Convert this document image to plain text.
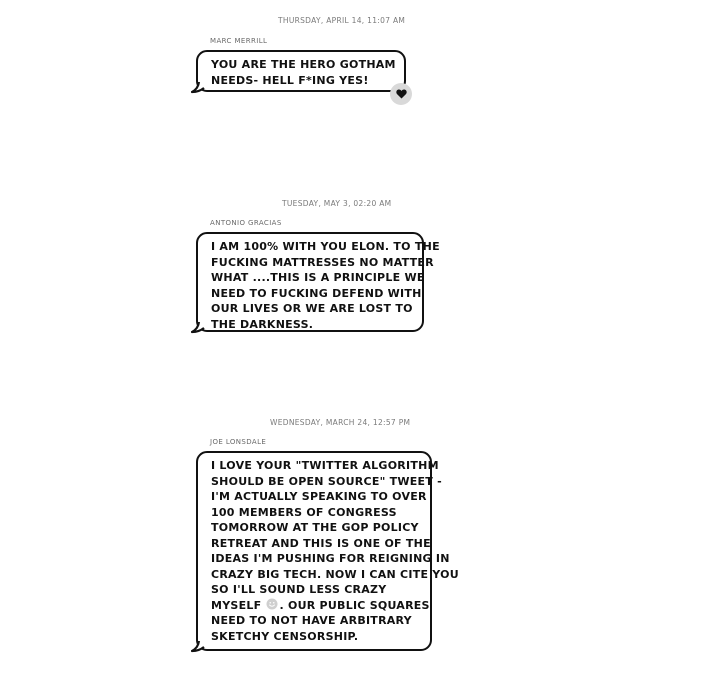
THURSDAY, APRIL 14, 11:07 AM
MARC MERRILL
YOU ARE THE HERO GOTHAM
NEEDS- HELL F*ING YES!
TUESDAY, MAY 3, 02:20 AM
ANTONIO GRACIAS
I AM 100% WITH YOU ELON. TO THE
FUCKING MATTRESSES NO MATTER
WHAT ....THIS IS A PRINCIPLE WE
NEED TO FUCKING DEFEND WITH
OUR LIVES OR WE ARE LOST TO
THE DARKNESS.
WEDNESDAY, MARCH 24, 12:57 PM
JOE LONSDALE
I LOVE YOUR "TWITTER ALGORITHM
SHOULD BE OPEN SOURCE" TWEET -
I'M ACTUALLY SPEAKING TO OVER
100 MEMBERS OF CONGRESS
TOMORROW AT THE GOP POLICY
RETREAT AND THIS IS ONE OF THE
IDEAS I'M PUSHING FOR REIGNING IN
CRAZY BIG TECH. NOW I CAN CITE YOU
SO I'LL SOUND LESS CRAZY
MYSELF . OUR PUBLIC SQUARES
NEED TO NOT HAVE ARBITRARY
SKETCHY CENSORSHIP.
